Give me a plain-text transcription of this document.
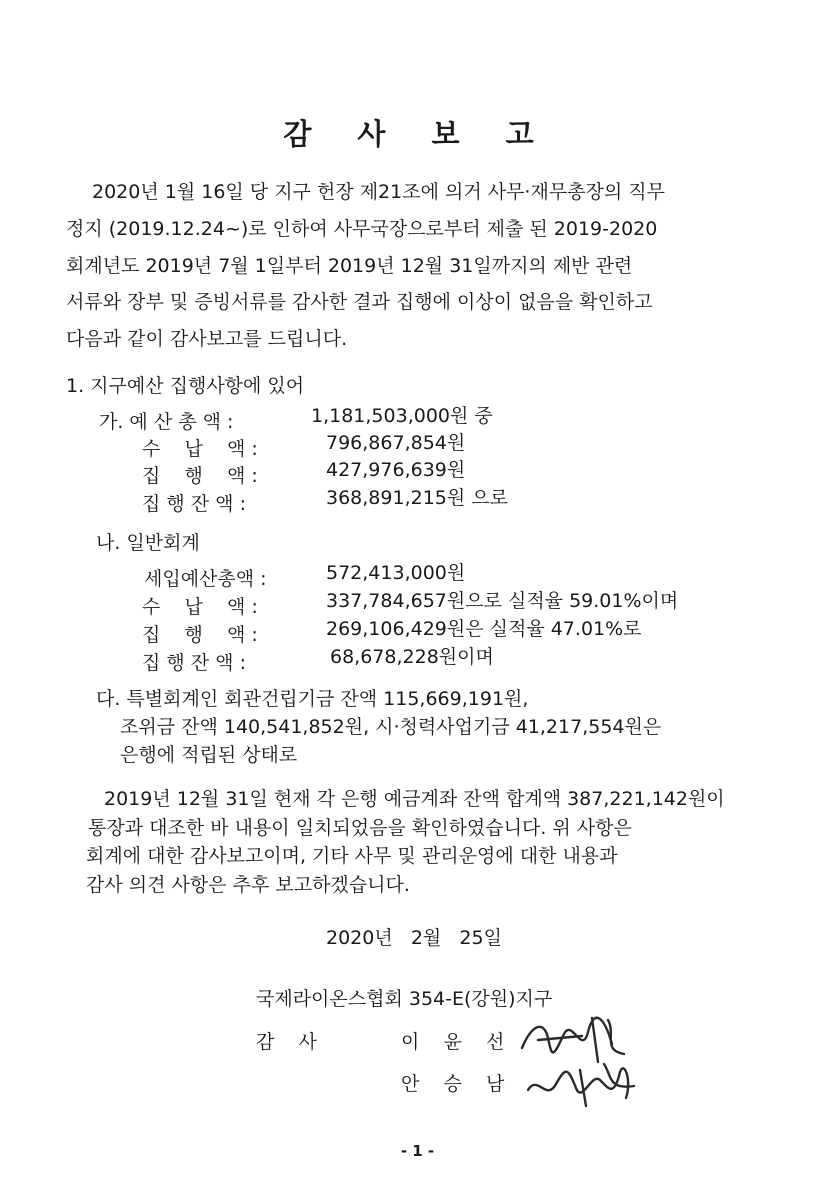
감 사 보 고
2020년 1월 16일 당 지구 헌장 제21조에 의거 사무·재무총장의 직무
정지 (2019.12.24~)로 인하여 사무국장으로부터 제출 된 2019-2020
회계년도 2019년 7월 1일부터 2019년 12월 31일까지의 제반 관련
서류와 장부 및 증빙서류를 감사한 결과 집행에 이상이 없음을 확인하고
다음과 같이 감사보고를 드립니다.
1. 지구예산 집행사항에 있어
가. 예 산 총 액 :	1,181,503,000원 중
수    납    액 :	796,867,854원
집    행    액 :	427,976,639원
집 행 잔 액 :	368,891,215원 으로
나. 일반회계
세입예산총액 :	572,413,000원
수    납    액 :	337,784,657원으로 실적율 59.01%이며
집    행    액 :	269,106,429원은 실적율 47.01%로
집 행 잔 액 :	68,678,228원이며
다. 특별회계인 회관건립기금 잔액 115,669,191원,
조위금 잔액 140,541,852원, 시·청력사업기금 41,217,554원은
은행에 적립된 상태로
2019년 12월 31일 현재 각 은행 예금계좌 잔액 합계액 387,221,142원이
통장과 대조한 바 내용이 일치되었음을 확인하였습니다. 위 사항은
회계에 대한 감사보고이며, 기타 사무 및 관리운영에 대한 내용과
감사 의견 사항은 추후 보고하겠습니다.
2020년   2월   25일
국제라이온스협회 354-E(강원)지구
감    사	이    윤    선
안    승    남
- 1 -
